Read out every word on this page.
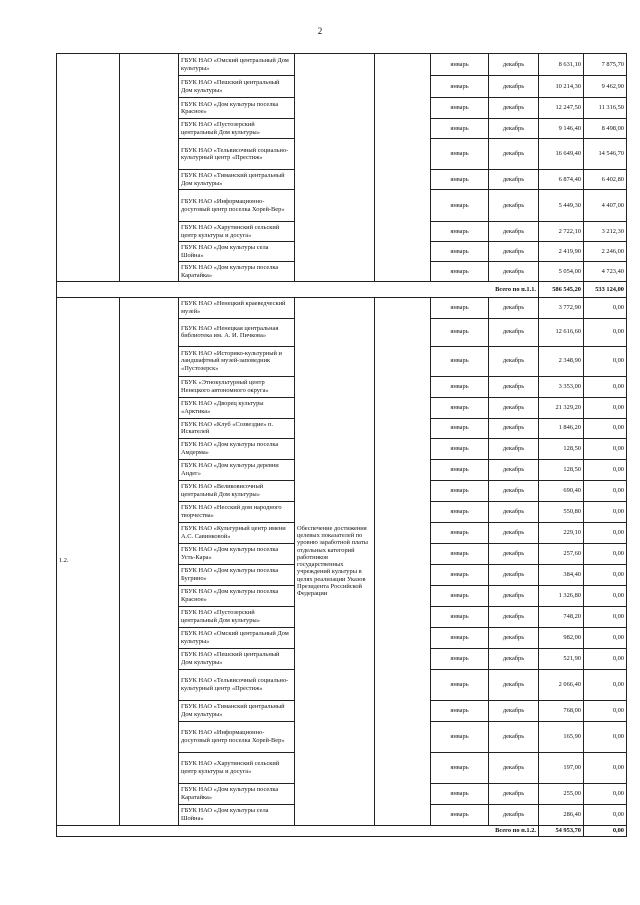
2
		ГБУК НАО «Омский центральный Дом культуры»			январь	декабрь	8 631,10	7 875,70	
		ГБУК НАО «Пешский центральный Дом культуры»			январь	декабрь	10 214,30	9 462,90	
		ГБУК НАО «Дом культуры поселка Красное»			январь	декабрь	12 247,50	11 316,50	
		ГБУК НАО «Пустозерский центральный Дом культуры»			январь	декабрь	9 146,40	8 498,00	
		ГБУК НАО «Тельвисочный социально-культурный центр «Престиж»			январь	декабрь	16 649,40	14 546,70	
		ГБУК НАО «Тиманский центральный Дом культуры»			январь	декабрь	6 874,40	6 402,80	
		ГБУК НАО «Информационно-досуговый центр поселка Хорей-Вер»			январь	декабрь	5 449,30	4 407,00	
		ГБУК НАО «Харутинский сельский центр культуры и досуга»			январь	декабрь	2 722,10	3 212,30	
		ГБУК НАО «Дом культуры села Шойна»			январь	декабрь	2 419,90	2 246,00	
		ГБУК НАО «Дом культуры поселка Каратайка»			январь	декабрь	5 054,00	4 723,40	
Всего по п.1.1.							586 545,20	533 124,00	
1.2.		ГБУК НАО «Ненецкий краеведческий музей»	Обеспечение достижения целевых показателей по уровню заработной платы отдельных категорий работников государственных учреждений культуры в целях реализации Указов Президента Российской Федерации		январь	декабрь	3 772,90	0,00	
		ГБУК НАО «Ненецкая центральная библиотека им. А. И. Пичкова»			январь	декабрь	12 616,60	0,00	
		ГБУК НАО «Историко-культурный и ландшафтный музей-заповедник «Пустозерск»			январь	декабрь	2 348,90	0,00	
		ГБУК «Этнокультурный центр Ненецкого автономного округа»			январь	декабрь	3 353,00	0,00	
		ГБУК НАО «Дворец культуры «Арктика»			январь	декабрь	21 329,20	0,00	
		ГБУК НАО «Клуб «Созвездие» п. Искателей			январь	декабрь	1 846,20	0,00	
		ГБУК НАО «Дом культуры поселка Амдерма»			январь	декабрь	128,50	0,00	
		ГБУК НАО «Дом культуры деревни Андег»			январь	декабрь	128,50	0,00	
		ГБУК НАО «Великовисочный центральный Дом культуры»			январь	декабрь	690,40	0,00	
		ГБУК НАО «Несский дом народного творчества»			январь	декабрь	550,80	0,00	
		ГБУК НАО «Культурный центр имени А.С. Савинковой»			январь	декабрь	229,10	0,00	
		ГБУК НАО «Дом культуры поселка Усть-Кара»			январь	декабрь	257,60	0,00	
		ГБУК НАО «Дом культуры поселка Бугрино»			январь	декабрь	384,40	0,00	
		ГБУК НАО «Дом культуры поселка Красное»			январь	декабрь	1 326,80	0,00	
		ГБУК НАО «Пустозерский центральный Дом культуры»			январь	декабрь	748,20	0,00	
		ГБУК НАО «Омский центральный Дом культуры»			январь	декабрь	982,00	0,00	
		ГБУК НАО «Пешский центральный Дом культуры»			январь	декабрь	521,90	0,00	
		ГБУК НАО «Тельвисочный социально-культурный центр «Престиж»			январь	декабрь	2 066,40	0,00	
		ГБУК НАО «Тиманский центральный Дом культуры»			январь	декабрь	768,00	0,00	
		ГБУК НАО «Информационно-досуговый центр поселка Хорей-Вер»			январь	декабрь	165,90	0,00	
		ГБУК НАО «Харутинский сельский центр культуры и досуга»			январь	декабрь	197,00	0,00	
		ГБУК НАО «Дом культуры поселка Каратайка»			январь	декабрь	255,00	0,00	
		ГБУК НАО «Дом культуры села Шойна»			январь	декабрь	286,40	0,00	
Всего по п.1.2.							54 953,70	0,00	
